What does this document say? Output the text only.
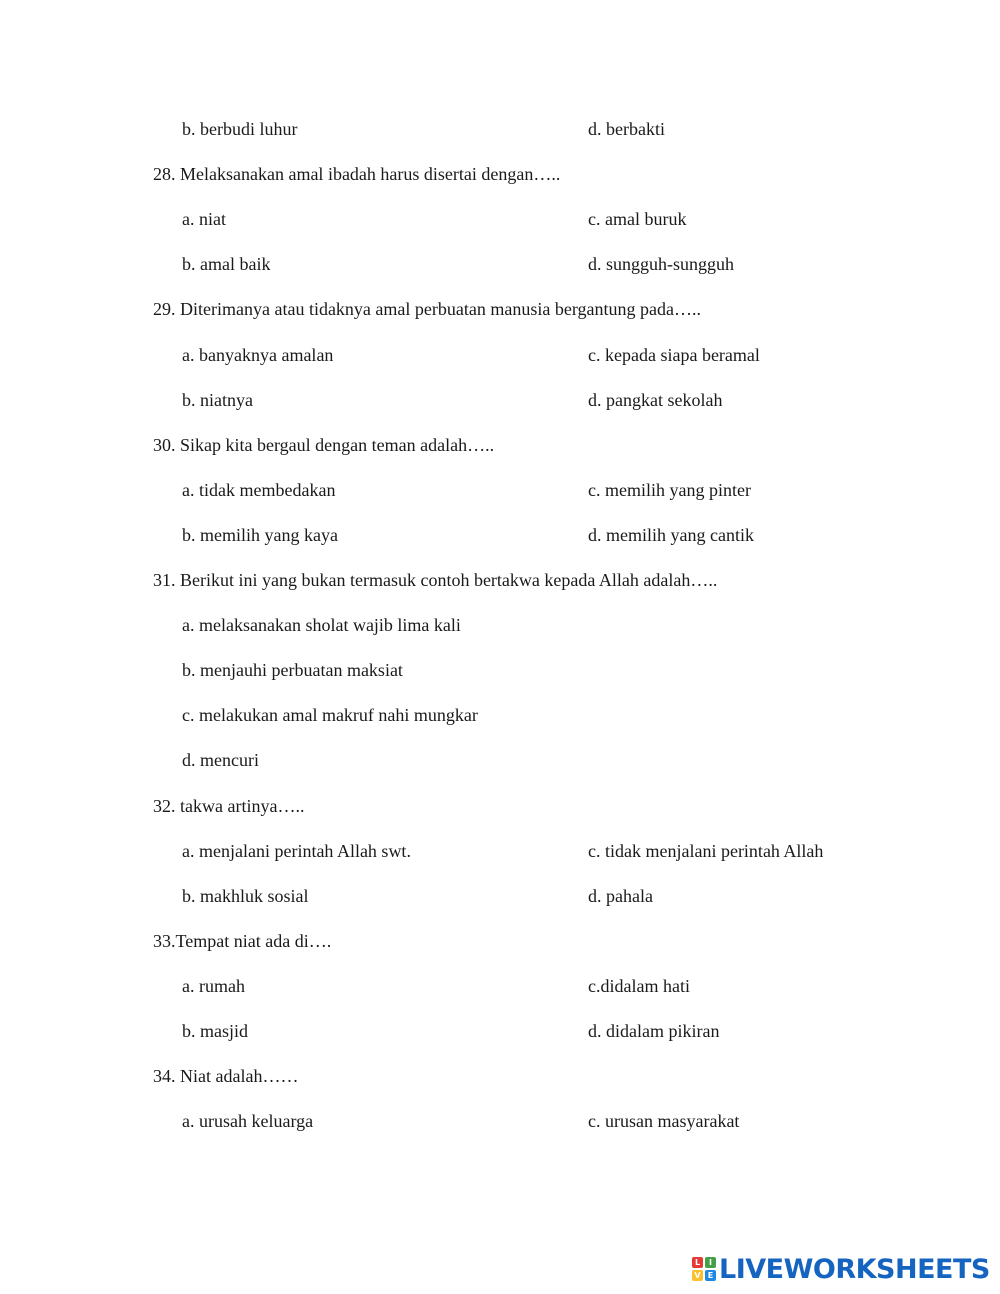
b. berbudi luhur	d. berbakti
28. Melaksanakan amal ibadah harus disertai dengan…..
a. niat	c. amal buruk
b. amal baik	d. sungguh-sungguh
29. Diterimanya atau tidaknya amal perbuatan manusia bergantung pada…..
a. banyaknya amalan	c. kepada siapa beramal
b. niatnya	d. pangkat sekolah
30. Sikap kita bergaul dengan teman adalah…..
a. tidak membedakan	c. memilih yang pinter
b. memilih yang kaya	d. memilih yang cantik
31. Berikut ini yang bukan termasuk contoh bertakwa kepada Allah adalah…..
a. melaksanakan sholat wajib lima kali
b. menjauhi perbuatan maksiat
c. melakukan amal makruf nahi mungkar
d. mencuri
32. takwa artinya…..
a. menjalani perintah Allah swt.	c. tidak menjalani perintah Allah
b. makhluk sosial	d. pahala
33.Tempat niat ada di….
a. rumah	c.didalam hati
b. masjid	d. didalam pikiran
34. Niat adalah……
a. urusah keluarga	c. urusan masyarakat
L	I
V E LIVEWORKSHEETS
